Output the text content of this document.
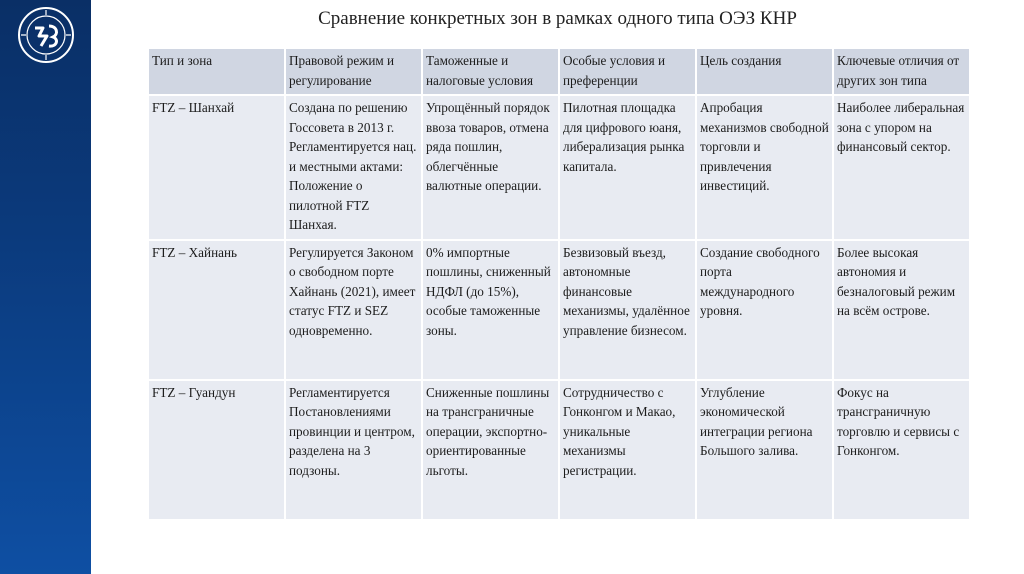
Сравнение конкретных зон в рамках одного типа ОЭЗ КНР
Тип и зона	Правовой режим и регулирование	Таможенные и налоговые условия	Особые условия и преференции	Цель создания	Ключевые отличия от других зон типа
FTZ – Шанхай	Создана по решению Госсовета в 2013 г. Регламентируется нац. и местными актами: Положение о пилотной FTZ Шанхая.	Упрощённый порядок ввоза товаров, отмена ряда пошлин, облегчённые валютные операции.	Пилотная площадка для цифрового юаня, либерализация рынка капитала.	Апробация механизмов свободной торговли и привлечения инвестиций.	Наиболее либеральная зона с упором на финансовый сектор.
FTZ – Хайнань	Регулируется Законом о свободном порте Хайнань (2021), имеет статус FTZ и SEZ одновременно.	0% импортные пошлины, сниженный НДФЛ (до 15%), особые таможенные зоны.	Безвизовый въезд, автономные финансовые механизмы, удалённое управление бизнесом.	Создание свободного порта международного уровня.	Более высокая автономия и безналоговый режим на всём острове.
FTZ – Гуандун	Регламентируется Постановлениями провинции и центром, разделена на 3 подзоны.	Сниженные пошлины на трансграничные операции, экспортно-ориентированные льготы.	Сотрудничество с Гонконгом и Макао, уникальные механизмы регистрации.	Углубление экономической интеграции региона Большого залива.	Фокус на трансграничную торговлю и сервисы с Гонконгом.
